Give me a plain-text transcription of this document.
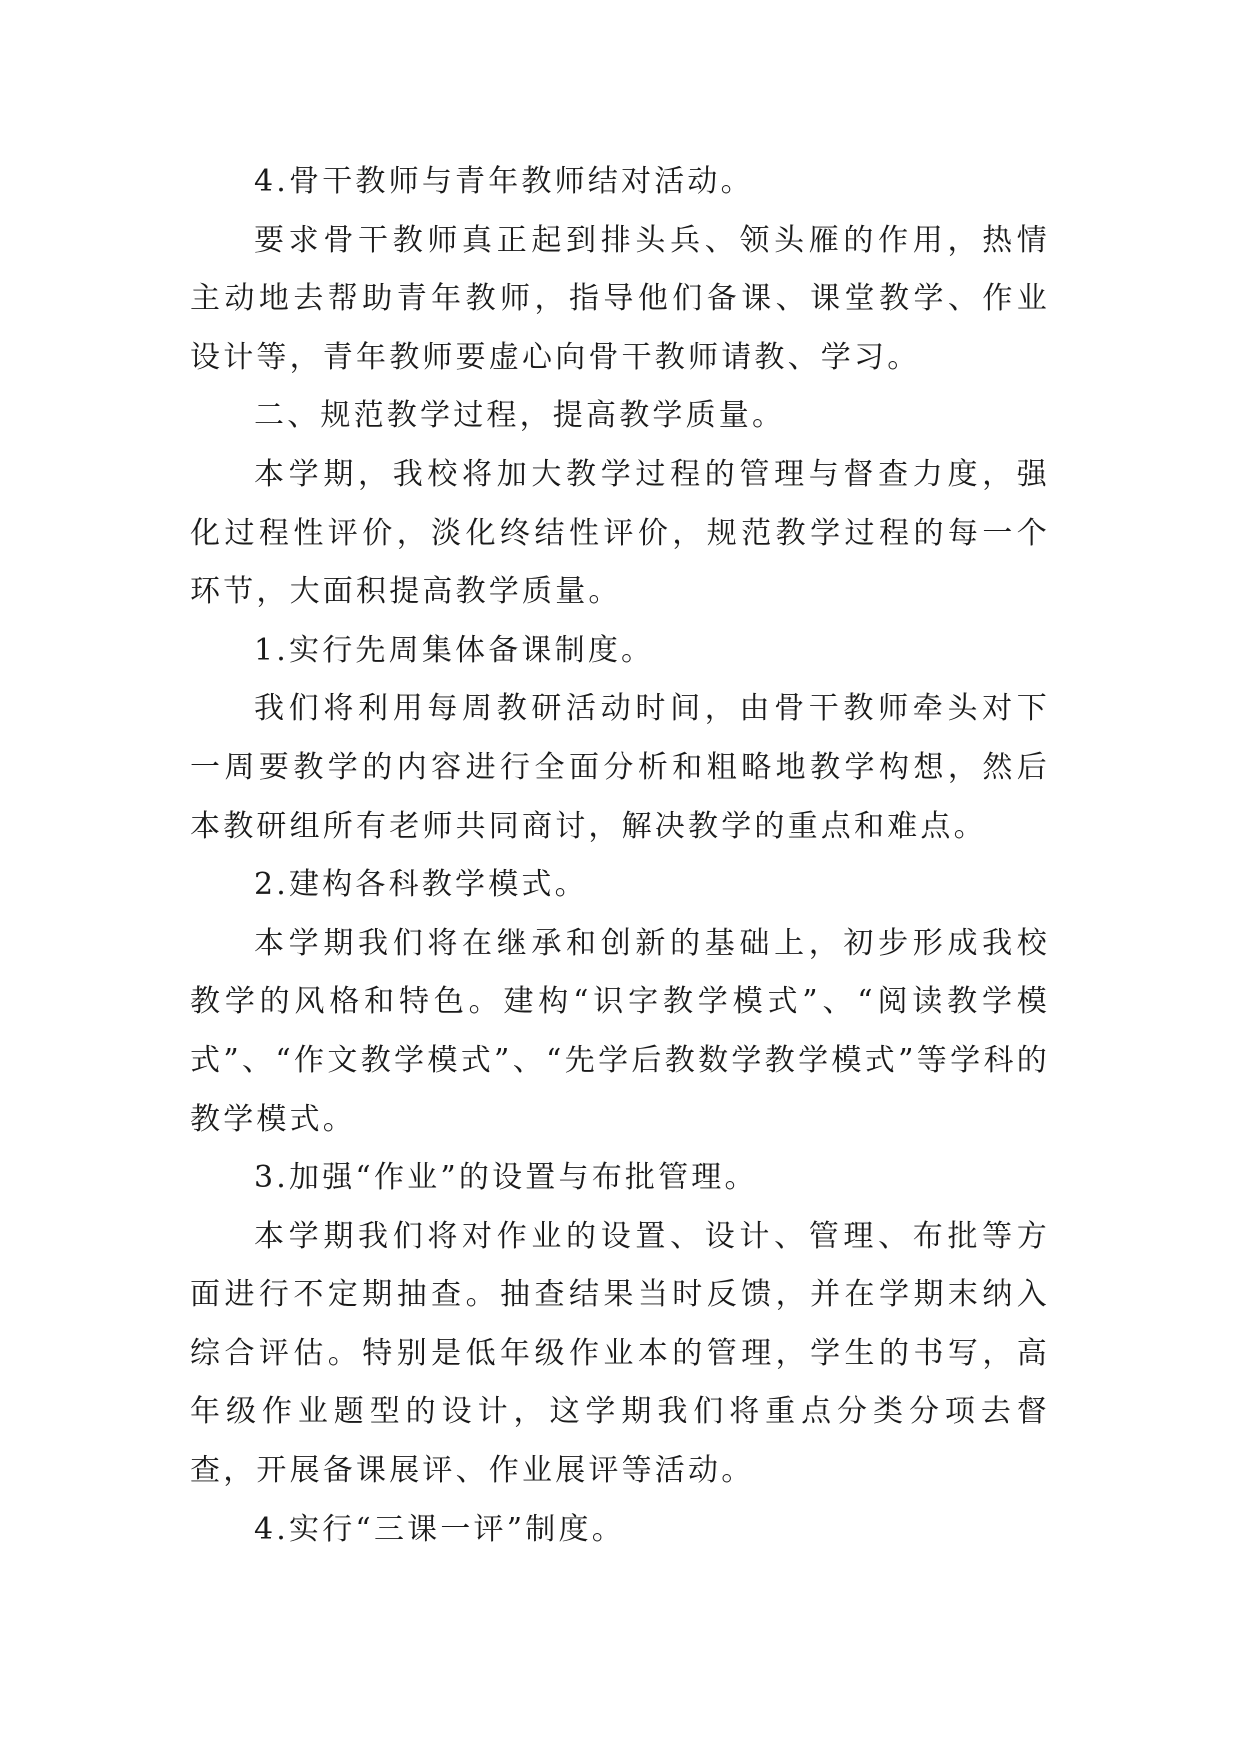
4.骨干教师与青年教师结对活动。

要求骨干教师真正起到排头兵、领头雁的作用，热情主动地去帮助青年教师，指导他们备课、课堂教学、作业设计等，青年教师要虚心向骨干教师请教、学习。

二、规范教学过程，提高教学质量。

本学期，我校将加大教学过程的管理与督查力度，强化过程性评价，淡化终结性评价，规范教学过程的每一个环节，大面积提高教学质量。

1.实行先周集体备课制度。

我们将利用每周教研活动时间，由骨干教师牵头对下一周要教学的内容进行全面分析和粗略地教学构想，然后本教研组所有老师共同商讨，解决教学的重点和难点。

2.建构各科教学模式。

本学期我们将在继承和创新的基础上，初步形成我校教学的风格和特色。建构“识字教学模式”、“阅读教学模式”、“作文教学模式”、“先学后教数学教学模式”等学科的教学模式。

3.加强“作业”的设置与布批管理。

本学期我们将对作业的设置、设计、管理、布批等方面进行不定期抽查。抽查结果当时反馈，并在学期末纳入综合评估。特别是低年级作业本的管理，学生的书写，高年级作业题型的设计，这学期我们将重点分类分项去督查，开展备课展评、作业展评等活动。

4.实行“三课一评”制度。
